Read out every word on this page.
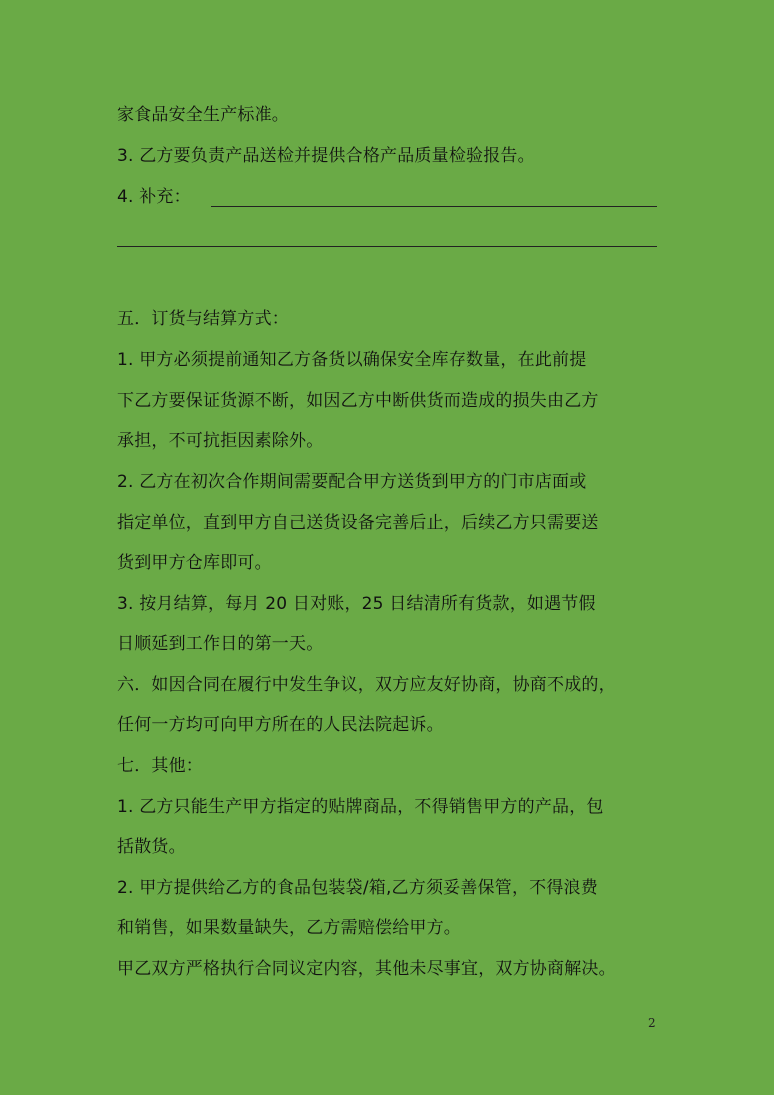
家食品安全生产标准。
3. 乙方要负责产品送检并提供合格产品质量检验报告。
4. 补充：
五．订货与结算方式：
1. 甲方必须提前通知乙方备货以确保安全库存数量，在此前提
下乙方要保证货源不断，如因乙方中断供货而造成的损失由乙方
承担，不可抗拒因素除外。
2. 乙方在初次合作期间需要配合甲方送货到甲方的门市店面或
指定单位，直到甲方自己送货设备完善后止，后续乙方只需要送
货到甲方仓库即可。
3. 按月结算，每月 20 日对账，25 日结清所有货款，如遇节假
日顺延到工作日的第一天。
六．如因合同在履行中发生争议，双方应友好协商，协商不成的，
任何一方均可向甲方所在的人民法院起诉。
七．其他：
1. 乙方只能生产甲方指定的贴牌商品，不得销售甲方的产品，包
括散货。
2. 甲方提供给乙方的食品包装袋/箱,乙方须妥善保管，不得浪费
和销售，如果数量缺失，乙方需赔偿给甲方。
甲乙双方严格执行合同议定内容，其他未尽事宜，双方协商解决。
2
